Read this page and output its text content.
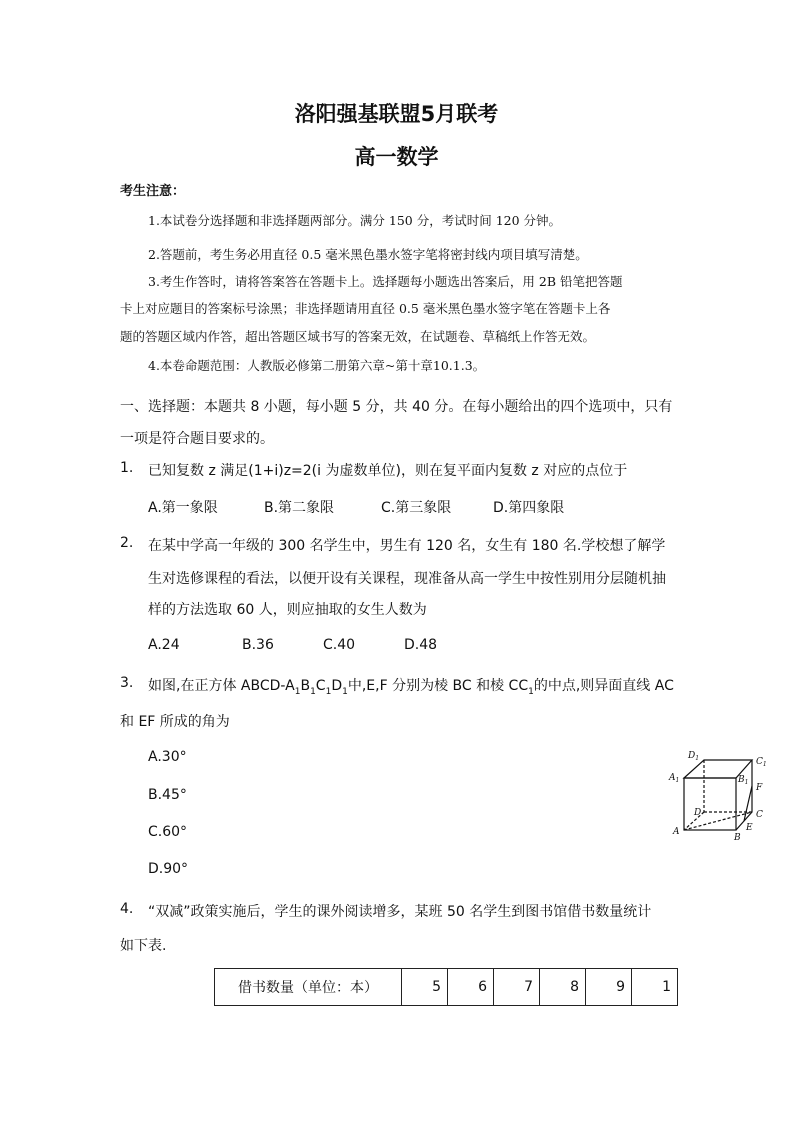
洛阳强基联盟5月联考
高一数学
考生注意：
1.本试卷分选择题和非选择题两部分。满分 150 分，考试时间 120 分钟。
2.答题前，考生务必用直径 0.5 毫米黑色墨水签字笔将密封线内项目填写清楚。
3.考生作答时，请将答案答在答题卡上。选择题每小题选出答案后，用 2B 铅笔把答题
卡上对应题目的答案标号涂黑；非选择题请用直径 0.5 毫米黑色墨水签字笔在答题卡上各
题的答题区域内作答，超出答题区域书写的答案无效，在试题卷、草稿纸上作答无效。
4.本卷命题范围：人教版必修第二册第六章~第十章10.1.3。
一、选择题：本题共 8 小题，每小题 5 分，共 40 分。在每小题给出的四个选项中，只有
一项是符合题目要求的。
1. 已知复数 z 满足(1+i)z=2(i 为虚数单位)，则在复平面内复数 z 对应的点位于
A.第一象限	B.第二象限	C.第三象限	D.第四象限
2. 在某中学高一年级的 300 名学生中，男生有 120 名，女生有 180 名.学校想了解学
生对选修课程的看法，以便开设有关课程，现准备从高一学生中按性别用分层随机抽
样的方法选取 60 人，则应抽取的女生人数为
A.24	B.36	C.40	D.48
3. 如图,在正方体 ABCD-$A_1B_1C_1D_1$中,E,F 分别为棱 BC 和棱 $CC_1$的中点,则异面直线 AC
和 EF 所成的角为
A.30°
B.45°
C.60°
D.90°
$D_1$	$C_1$
$A_1$	$B_1$
F
D	C
A	E
B
4. “双减”政策实施后，学生的课外阅读增多，某班 50 名学生到图书馆借书数量统计
如下表.
借书数量（单位：本）	5	6	7	8	9	1
